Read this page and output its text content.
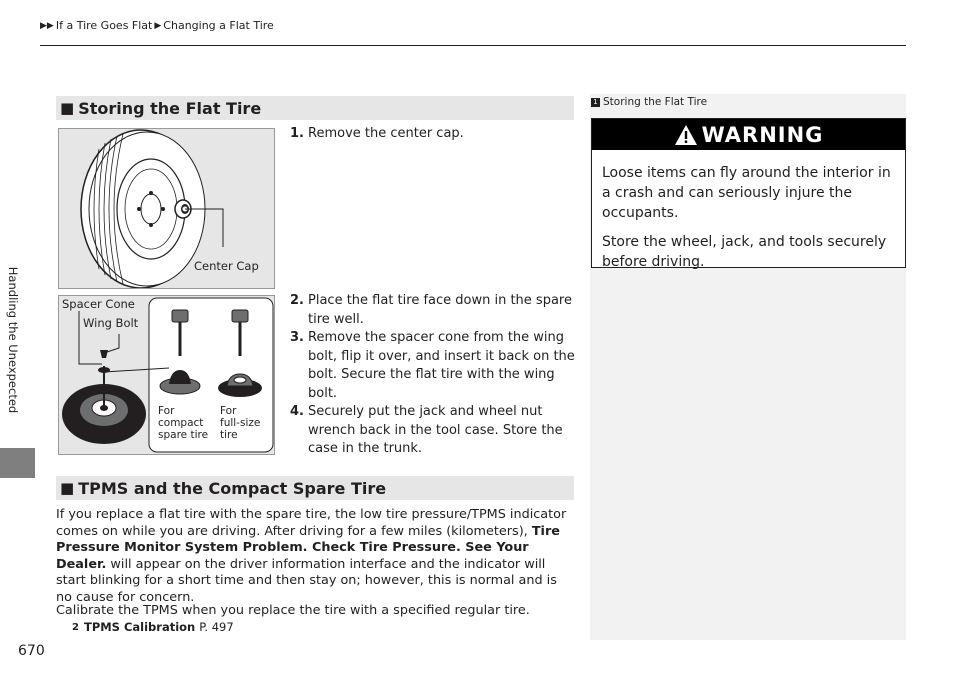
▶▶ If a Tire Goes Flat ▶ Changing a Flat Tire
Handling the Unexpected
670
■ Storing the Flat Tire
Center Cap
Spacer Cone
Wing Bolt
For
compact
spare tire
For
full-size
tire
1. Remove the center cap.
2. Place the flat tire face down in the spare tire well.
3. Remove the spacer cone from the wing bolt, flip it over, and insert it back on the bolt. Secure the flat tire with the wing bolt.
4. Securely put the jack and wheel nut wrench back in the tool case. Store the case in the trunk.
■ TPMS and the Compact Spare Tire
If you replace a flat tire with the spare tire, the low tire pressure/TPMS indicator comes on while you are driving. After driving for a few miles (kilometers), Tire Pressure Monitor System Problem. Check Tire Pressure. See Your Dealer. will appear on the driver information interface and the indicator will start blinking for a short time and then stay on; however, this is normal and is no cause for concern.
Calibrate the TPMS when you replace the tire with a specified regular tire.
2 TPMS Calibration P. 497
1 Storing the Flat Tire
WARNING

Loose items can fly around the interior in a crash and can seriously injure the occupants.

Store the wheel, jack, and tools securely before driving.
